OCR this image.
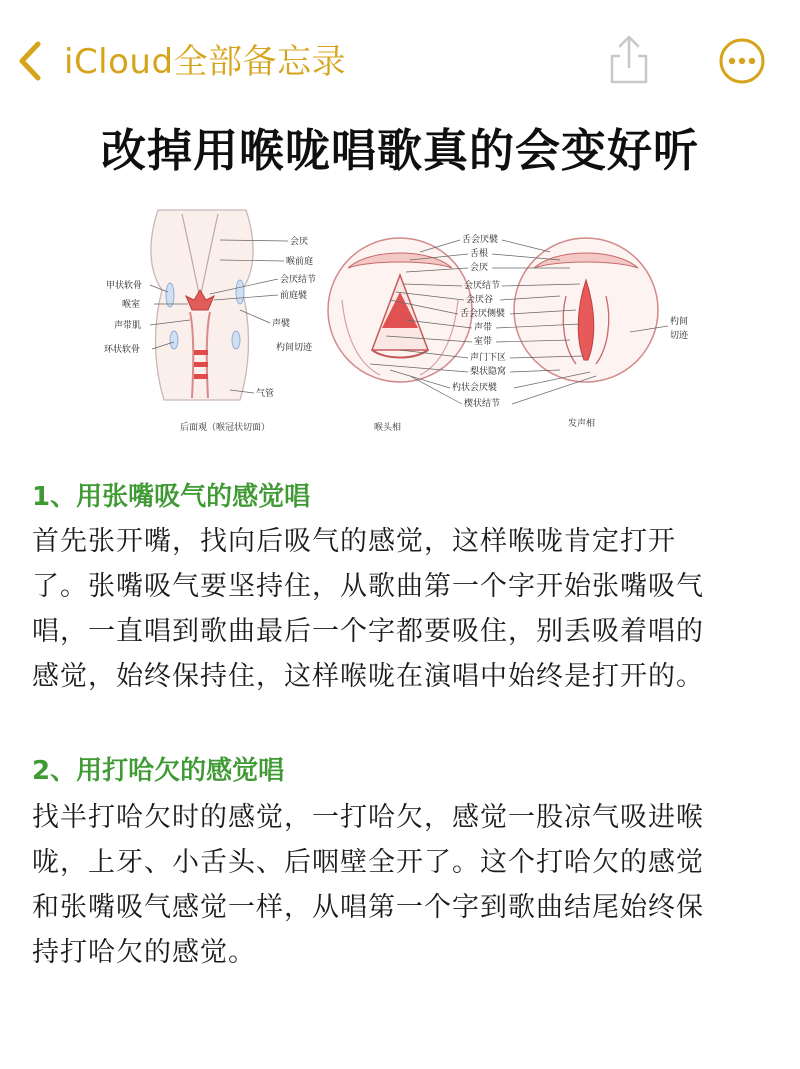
iCloud全部备忘录
改掉用喉咙唱歌真的会变好听
甲状软骨
喉室
声带肌
环状软骨
会厌
喉前庭
会厌结节
前庭襞
声襞
杓间切迹
气管
舌会厌襞
舌根
会厌
会厌结节
会厌谷
舌会厌侧襞
声带
室带
声门下区
梨状隐窝
杓状会厌襞
楔状结节
杓间
切迹
后面观（喉冠状切面）	喉头相	发声相
1、用张嘴吸气的感觉唱
首先张开嘴，找向后吸气的感觉，这样喉咙肯定打开
了。张嘴吸气要坚持住，从歌曲第一个字开始张嘴吸气
唱，一直唱到歌曲最后一个字都要吸住，别丢吸着唱的
感觉，始终保持住，这样喉咙在演唱中始终是打开的。
2、用打哈欠的感觉唱
找半打哈欠时的感觉，一打哈欠，感觉一股凉气吸进喉
咙，上牙、小舌头、后咽壁全开了。这个打哈欠的感觉
和张嘴吸气感觉一样，从唱第一个字到歌曲结尾始终保
持打哈欠的感觉。
